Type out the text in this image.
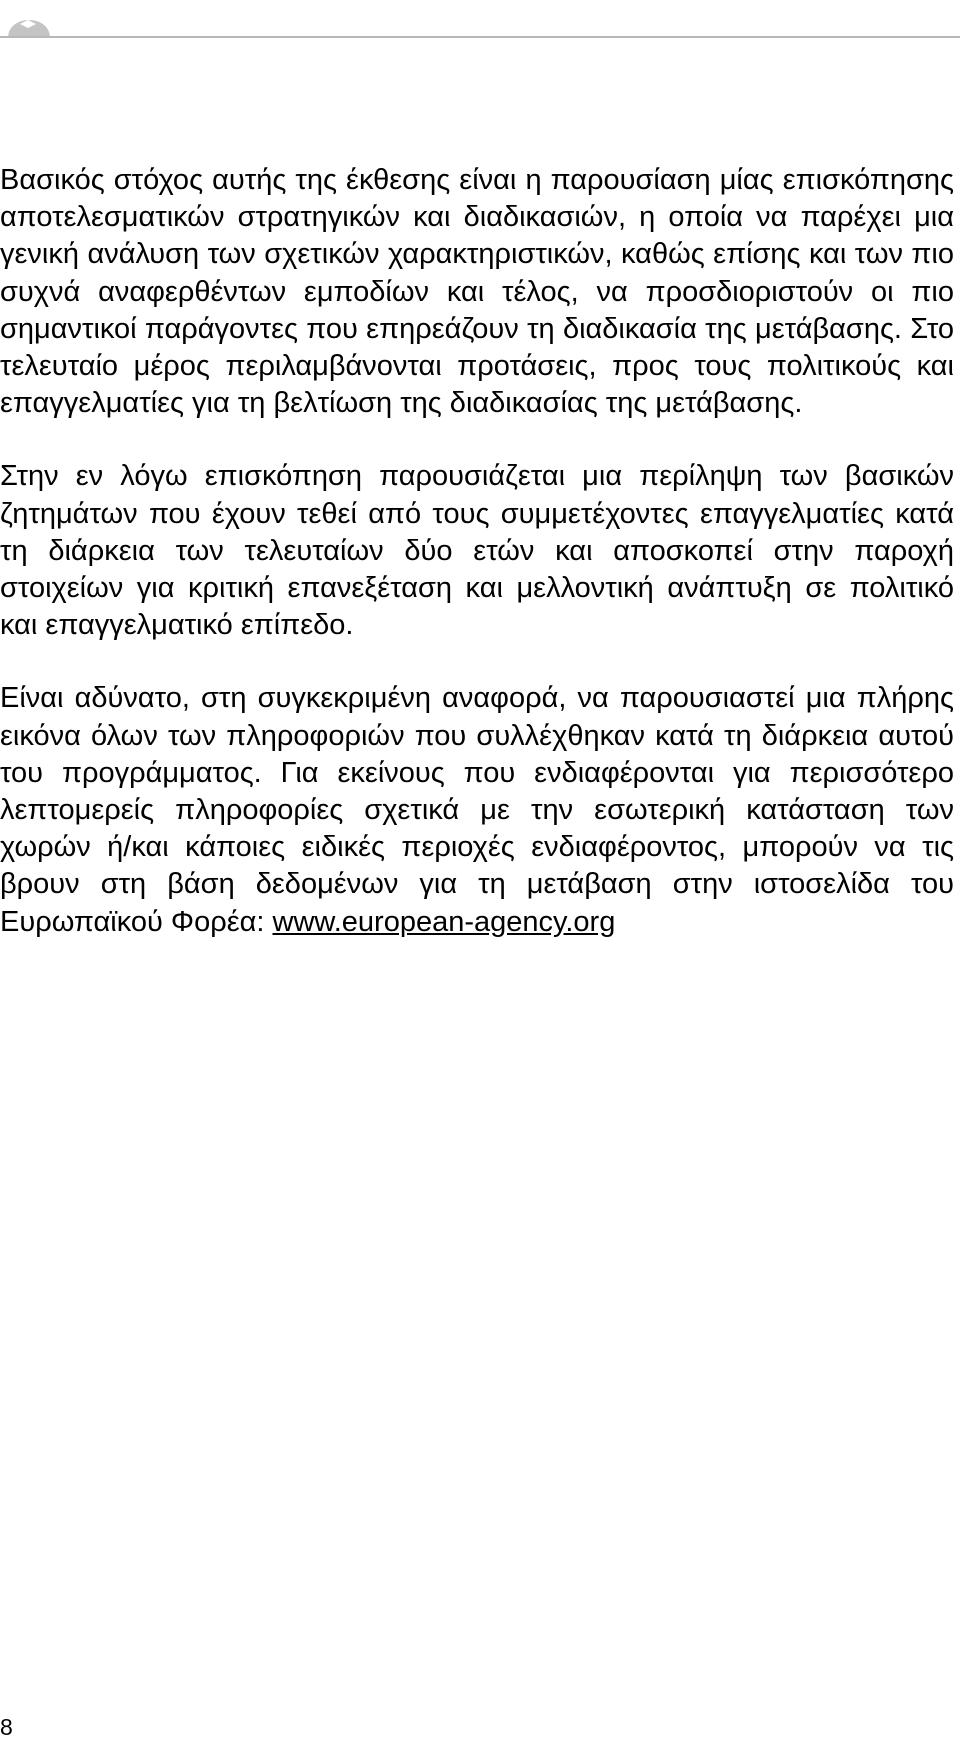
Βασικός στόχος αυτής της έκθεσης είναι η παρουσίαση μίας επισκόπησης αποτελεσματικών στρατηγικών και διαδικασιών, η οποία να παρέχει μια γενική ανάλυση των σχετικών χαρακτηριστικών, καθώς επίσης και των πιο συχνά αναφερθέντων εμποδίων και τέλος, να προσδιοριστούν οι πιο σημαντικοί παράγοντες που επηρεάζουν τη διαδικασία της μετάβασης. Στο τελευταίο μέρος περιλαμβάνονται προτάσεις, προς τους πολιτικούς και επαγγελματίες για τη βελτίωση της διαδικασίας της μετάβασης.

Στην εν λόγω επισκόπηση παρουσιάζεται μια περίληψη των βασικών ζητημάτων που έχουν τεθεί από τους συμμετέχοντες επαγγελματίες κατά τη διάρκεια των τελευταίων δύο ετών και αποσκοπεί στην παροχή στοιχείων για κριτική επανεξέταση και μελλοντική ανάπτυξη σε πολιτικό και επαγγελματικό επίπεδο.

Είναι αδύνατο, στη συγκεκριμένη αναφορά, να παρουσιαστεί μια πλήρης εικόνα όλων των πληροφοριών που συλλέχθηκαν κατά τη διάρκεια αυτού του προγράμματος. Για εκείνους που ενδιαφέρονται για περισσότερο λεπτομερείς πληροφορίες σχετικά με την εσωτερική κατάσταση των χωρών ή/και κάποιες ειδικές περιοχές ενδιαφέροντος, μπορούν να τις βρουν στη βάση δεδομένων για τη μετάβαση στην ιστοσελίδα του Ευρωπαϊκού Φορέα: www.european-agency.org

8
